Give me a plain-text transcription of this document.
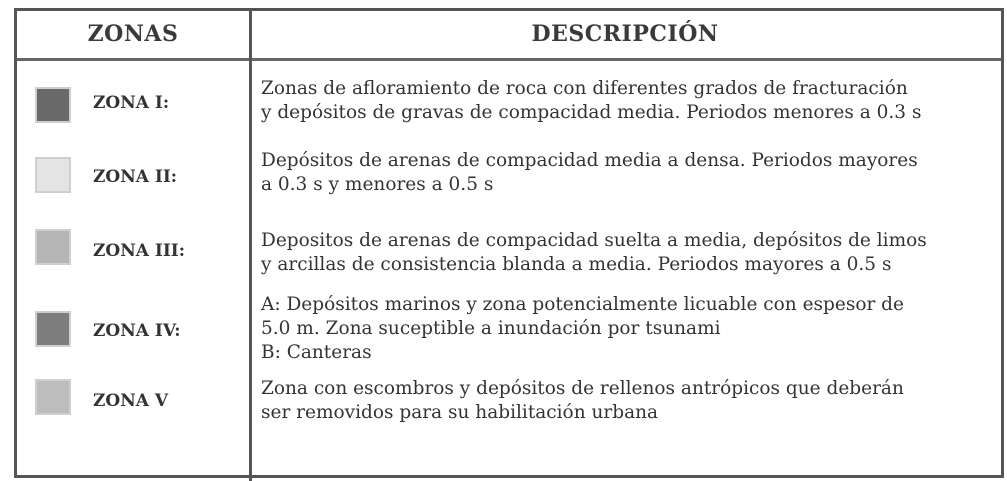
ZONAS	DESCRIPCIÓN
ZONA I:
Zonas de afloramiento de roca con diferentes grados de fracturación
y depósitos de gravas de compacidad media. Periodos menores a 0.3 s
ZONA II:
Depósitos de arenas de compacidad media a densa. Periodos mayores
a 0.3 s y menores a 0.5 s
ZONA III:	Depositos de arenas de compacidad suelta a media, depósitos de limos
y arcillas de consistencia blanda a media. Periodos mayores a 0.5 s
ZONA IV:
A: Depósitos marinos y zona potencialmente licuable con espesor de
5.0 m. Zona suceptible a inundación por tsunami
B: Canteras
ZONA V
Zona con escombros y depósitos de rellenos antrópicos que deberán
ser removidos para su habilitación urbana
